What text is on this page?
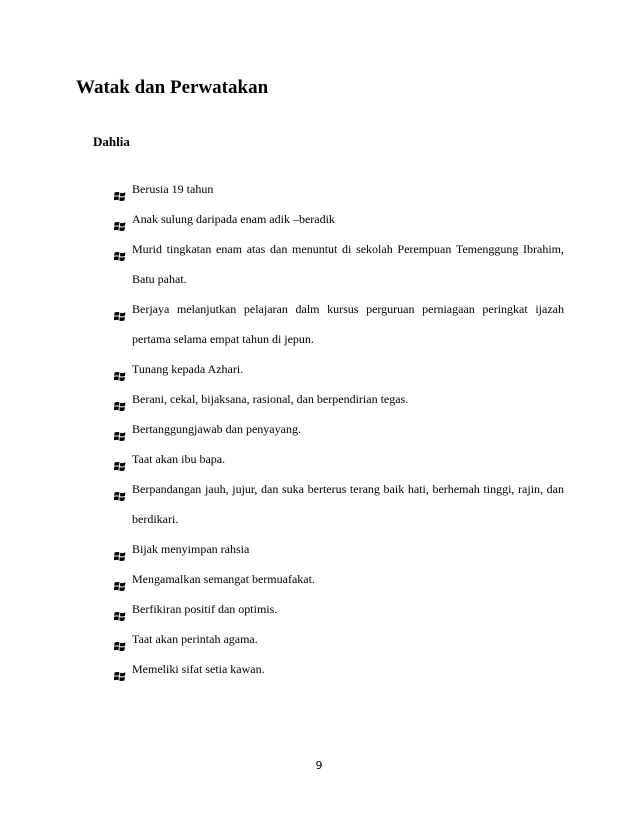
Watak dan Perwatakan
Dahlia
Berusia 19 tahun
Anak sulung daripada enam adik –beradik
Murid tingkatan enam atas dan menuntut di sekolah Perempuan Temenggung Ibrahim, Batu pahat.
Berjaya melanjutkan pelajaran dalm kursus perguruan perniagaan peringkat ijazah pertama selama empat tahun di jepun.
Tunang kepada Azhari.
Berani, cekal, bijaksana, rasional, dan berpendirian tegas.
Bertanggungjawab dan penyayang.
Taat akan ibu bapa.
Berpandangan jauh, jujur, dan suka berterus terang baik hati, berhemah tinggi, rajin, dan berdikari.
Bijak menyimpan rahsia
Mengamalkan semangat bermuafakat.
Berfikiran positif dan optimis.
Taat akan perintah agama.
Memeliki sifat setia kawan.
9
